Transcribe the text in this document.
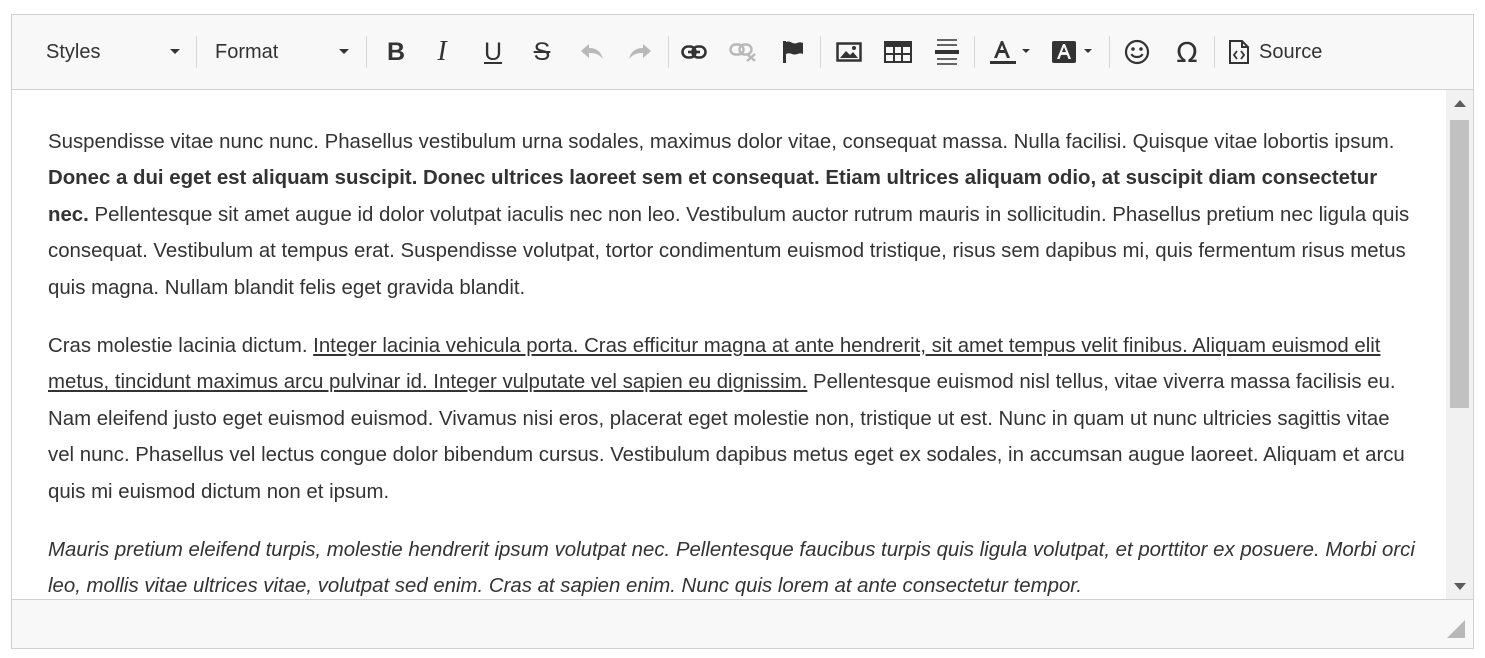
Styles	Format	B I U S	Ω	Source

Suspendisse vitae nunc nunc. Phasellus vestibulum urna sodales, maximus dolor vitae, consequat massa. Nulla facilisi. Quisque vitae lobortis ipsum. Donec a dui eget est aliquam suscipit. Donec ultrices laoreet sem et consequat. Etiam ultrices aliquam odio, at suscipit diam consectetur nec. Pellentesque sit amet augue id dolor volutpat iaculis nec non leo. Vestibulum auctor rutrum mauris in sollicitudin. Phasellus pretium nec ligula quis consequat. Vestibulum at tempus erat. Suspendisse volutpat, tortor condimentum euismod tristique, risus sem dapibus mi, quis fermentum risus metus quis magna. Nullam blandit felis eget gravida blandit.

Cras molestie lacinia dictum. Integer lacinia vehicula porta. Cras efficitur magna at ante hendrerit, sit amet tempus velit finibus. Aliquam euismod elit metus, tincidunt maximus arcu pulvinar id. Integer vulputate vel sapien eu dignissim. Pellentesque euismod nisl tellus, vitae viverra massa facilisis eu. Nam eleifend justo eget euismod euismod. Vivamus nisi eros, placerat eget molestie non, tristique ut est. Nunc in quam ut nunc ultricies sagittis vitae vel nunc. Phasellus vel lectus congue dolor bibendum cursus. Vestibulum dapibus metus eget ex sodales, in accumsan augue laoreet. Aliquam et arcu quis mi euismod dictum non et ipsum.

Mauris pretium eleifend turpis, molestie hendrerit ipsum volutpat nec. Pellentesque faucibus turpis quis ligula volutpat, et porttitor ex posuere. Morbi orci leo, mollis vitae ultrices vitae, volutpat sed enim. Cras at sapien enim. Nunc quis lorem at ante consectetur tempor.
